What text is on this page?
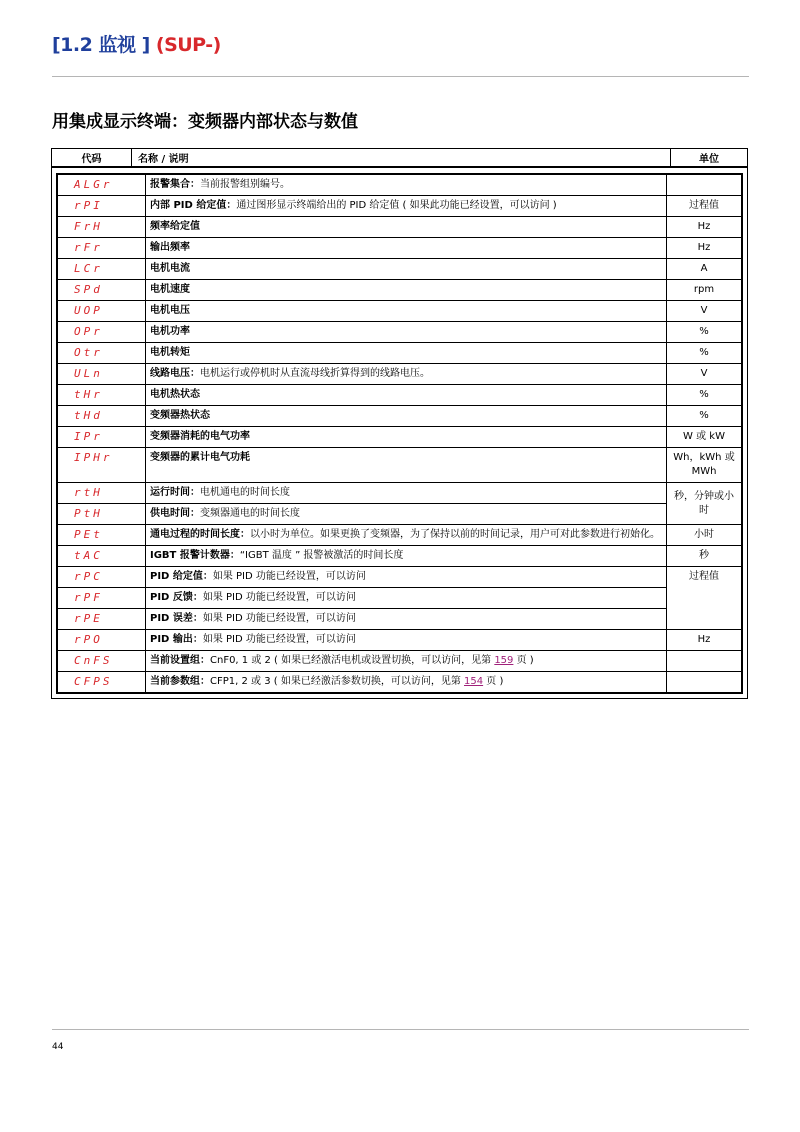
[1.2 监视 ] (SUP-)
用集成显示终端：变频器内部状态与数值
代码	名称 / 说明	单位
ALGr	报警集合：当前报警组别编号。	
rPI	内部 PID 给定值：通过图形显示终端给出的 PID 给定值 ( 如果此功能已经设置，可以访问 )	过程值
FrH	频率给定值	Hz
rFr	输出频率	Hz
LCr	电机电流	A
SPd	电机速度	rpm
UOP	电机电压	V
OPr	电机功率	%
Otr	电机转矩	%
ULn	线路电压：电机运行或停机时从直流母线折算得到的线路电压。	V
tHr	电机热状态	%
tHd	变频器热状态	%
IPr	变频器消耗的电气功率	W 或 kW
IPHr	变频器的累计电气功耗	Wh，kWh 或 MWh
rtH	运行时间：电机通电的时间长度	秒，分钟或小时
PtH	供电时间：变频器通电的时间长度	
PEt	通电过程的时间长度：以小时为单位。如果更换了变频器，为了保持以前的时间记录，用户可对此参数进行初始化。	小时
tAC	IGBT 报警计数器：“IGBT 温度 ” 报警被激活的时间长度	秒
rPC	PID 给定值：如果 PID 功能已经设置，可以访问	过程值
rPF	PID 反馈：如果 PID 功能已经设置，可以访问	
rPE	PID 误差：如果 PID 功能已经设置，可以访问	
rPO	PID 输出：如果 PID 功能已经设置，可以访问	Hz
CnFS	当前设置组：CnF0, 1 或 2 ( 如果已经激活电机或设置切换，可以访问，见第 159 页 )	
CFPS	当前参数组：CFP1, 2 或 3 ( 如果已经激活参数切换，可以访问，见第 154 页 )	
44
